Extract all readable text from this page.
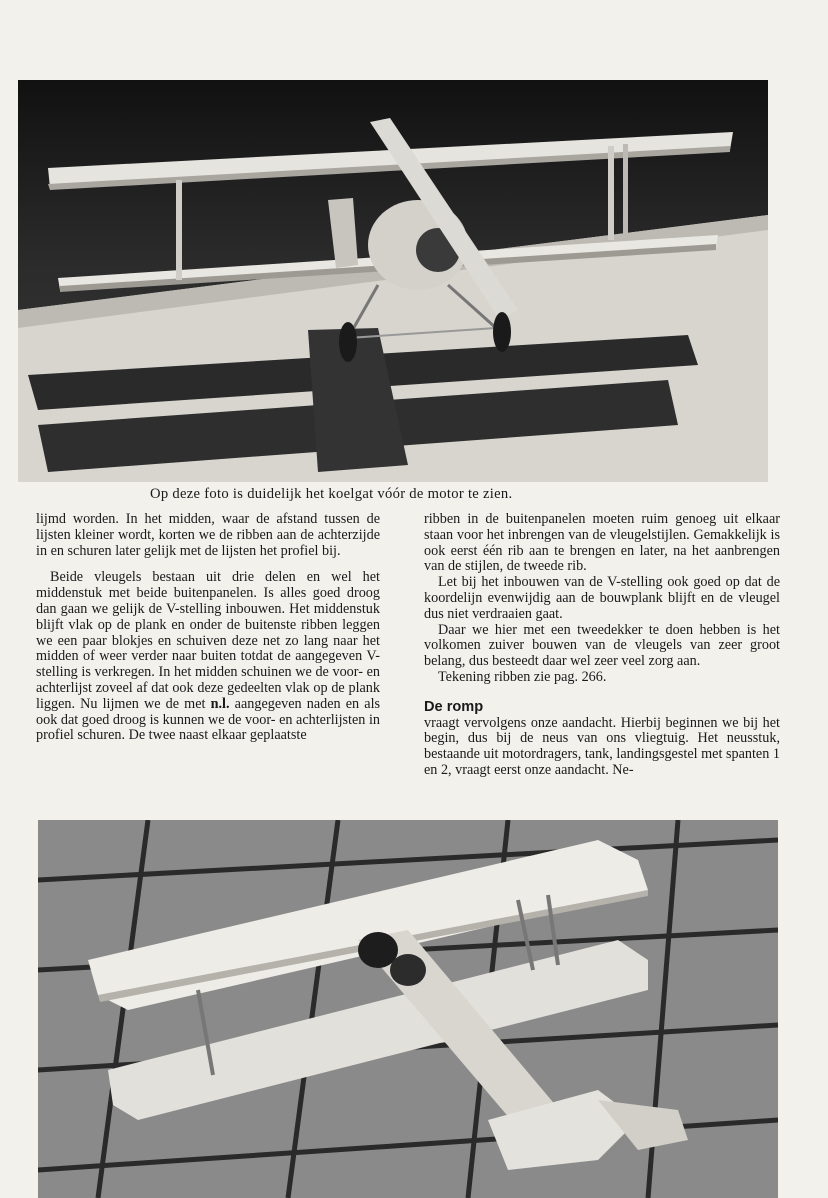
Op deze foto is duidelijk het koelgat vóór de motor te zien.

lijmd worden. In het midden, waar de afstand tussen de lijsten kleiner wordt, korten we de ribben aan de achterzijde in en schuren later gelijk met de lijsten het profiel bij.

Beide vleugels bestaan uit drie delen en wel het middenstuk met beide buitenpanelen. Is alles goed droog dan gaan we gelijk de V-stelling inbouwen. Het middenstuk blijft vlak op de plank en onder de buitenste ribben leggen we een paar blokjes en schuiven deze net zo lang naar het midden of weer verder naar buiten totdat de aangegeven V-stelling is verkregen. In het midden schuinen we de voor- en achterlijst zoveel af dat ook deze gedeelten vlak op de plank liggen. Nu lijmen we de met n.l. aangegeven naden en als ook dat goed droog is kunnen we de voor- en achterlijsten in profiel schuren. De twee naast elkaar geplaatste

ribben in de buitenpanelen moeten ruim genoeg uit elkaar staan voor het inbrengen van de vleugelstijlen. Gemakkelijk is ook eerst één rib aan te brengen en later, na het aanbrengen van de stijlen, de tweede rib.

Let bij het inbouwen van de V-stelling ook goed op dat de koordelijn evenwijdig aan de bouwplank blijft en de vleugel dus niet verdraaien gaat.

Daar we hier met een tweedekker te doen hebben is het volkomen zuiver bouwen van de vleugels van zeer groot belang, dus besteedt daar wel zeer veel zorg aan.

Tekening ribben zie pag. 266.

De romp

vraagt vervolgens onze aandacht. Hierbij beginnen we bij het begin, dus bij de neus van ons vliegtuig. Het neusstuk, bestaande uit motordragers, tank, landingsgestel met spanten 1 en 2, vraagt eerst onze aandacht. Ne-
